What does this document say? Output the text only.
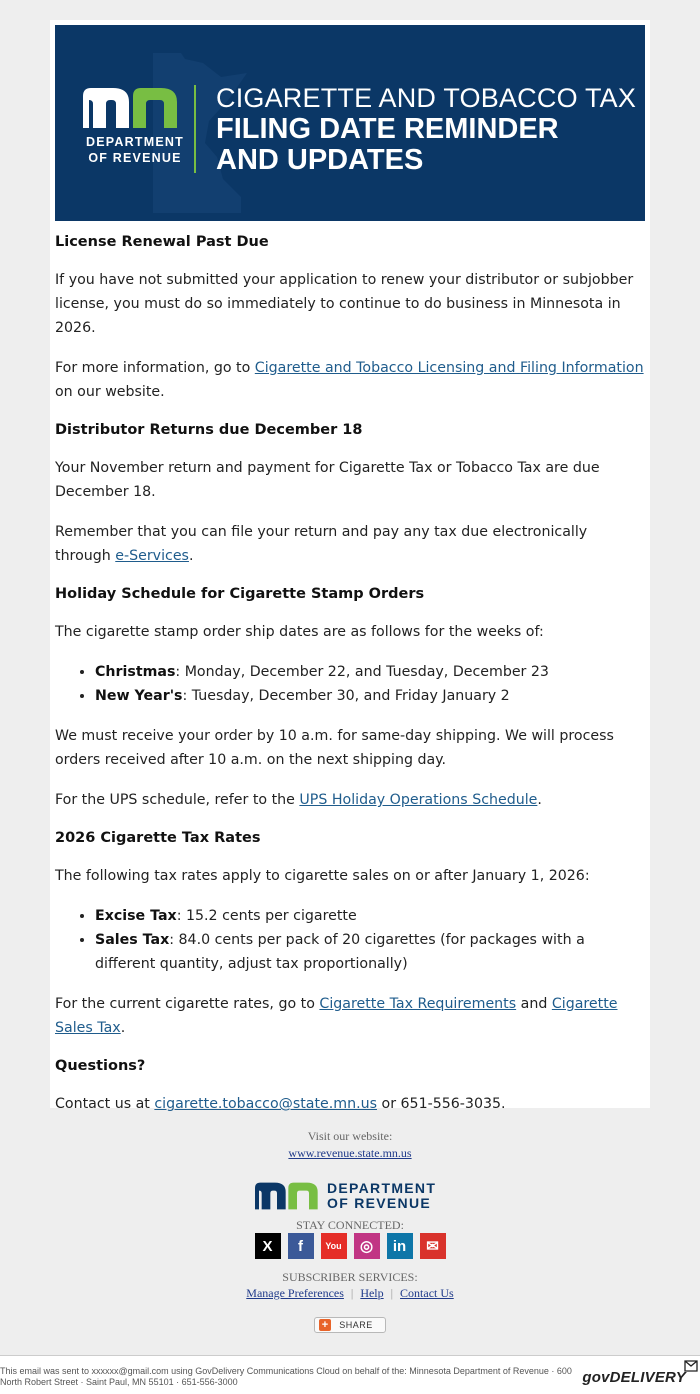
DEPARTMENT
OF REVENUE
CIGARETTE AND TOBACCO TAX
FILING DATE REMINDER
AND UPDATES
License Renewal Past Due

If you have not submitted your application to renew your distributor or subjobber license, you must do so immediately to continue to do business in Minnesota in 2026.

For more information, go to Cigarette and Tobacco Licensing and Filing Information on our website.

Distributor Returns due December 18

Your November return and payment for Cigarette Tax or Tobacco Tax are due December 18.

Remember that you can file your return and pay any tax due electronically through e-Services.

Holiday Schedule for Cigarette Stamp Orders

The cigarette stamp order ship dates are as follows for the weeks of:

• Christmas: Monday, December 22, and Tuesday, December 23
• New Year's: Tuesday, December 30, and Friday January 2

We must receive your order by 10 a.m. for same-day shipping. We will process orders received after 10 a.m. on the next shipping day.

For the UPS schedule, refer to the UPS Holiday Operations Schedule.

2026 Cigarette Tax Rates

The following tax rates apply to cigarette sales on or after January 1, 2026:

• Excise Tax: 15.2 cents per cigarette
• Sales Tax: 84.0 cents per pack of 20 cigarettes (for packages with a different quantity, adjust tax proportionally)

For the current cigarette rates, go to Cigarette Tax Requirements and Cigarette Sales Tax.

Questions?

Contact us at cigarette.tobacco@state.mn.us or 651-556-3035.

Visit our website:
www.revenue.state.mn.us
DEPARTMENT
OF REVENUE
STAY CONNECTED:
X	f	You	◎	in	✉
SUBSCRIBER SERVICES:
Manage Preferences | Help | Contact Us
+ SHARE
This email was sent to xxxxxx@gmail.com using GovDelivery Communications Cloud on behalf of the: Minnesota Department of Revenue · 600 North Robert Street · Saint Paul, MN 55101 · 651-556-3000	govDELIVERY
